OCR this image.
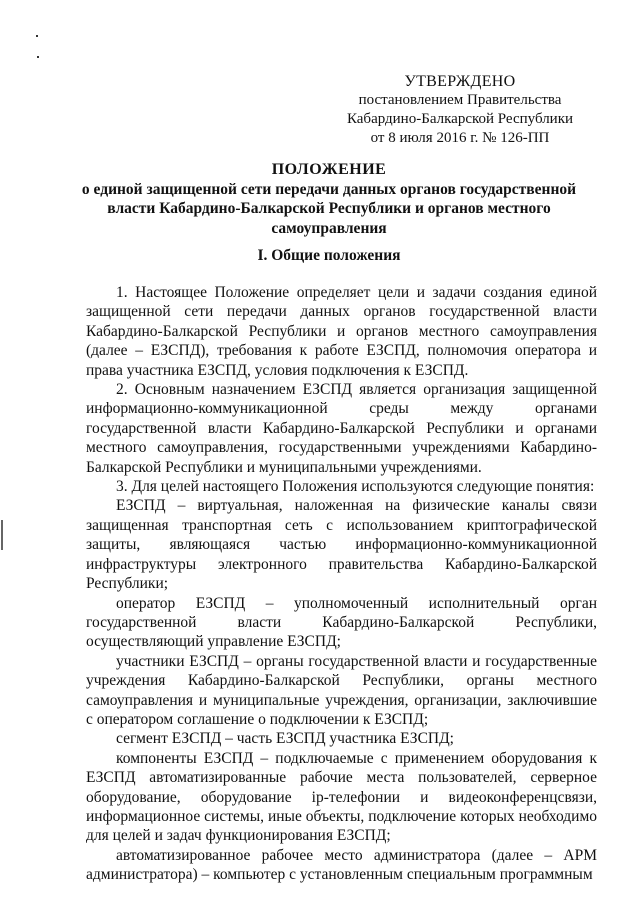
УТВЕРЖДЕНО
постановлением Правительства
Кабардино-Балкарской Республики
от 8 июля 2016 г. № 126-ПП
ПОЛОЖЕНИЕ
о единой защищенной сети передачи данных органов государственной власти Кабардино-Балкарской Республики и органов местного самоуправления
I. Общие положения

1. Настоящее Положение определяет цели и задачи создания единой защищенной сети передачи данных органов государственной власти Кабардино-Балкарской Республики и органов местного самоуправления (далее – ЕЗСПД), требования к работе ЕЗСПД, полномочия оператора и права участника ЕЗСПД, условия подключения к ЕЗСПД.

2. Основным назначением ЕЗСПД является организация защищенной информационно-коммуникационной среды между органами государственной власти Кабардино-Балкарской Республики и органами местного самоуправления, государственными учреждениями Кабардино-Балкарской Республики и муниципальными учреждениями.

3. Для целей настоящего Положения используются следующие понятия:

ЕЗСПД – виртуальная, наложенная на физические каналы связи защищенная транспортная сеть с использованием криптографической защиты, являющаяся частью информационно-коммуникационной инфраструктуры электронного правительства Кабардино-Балкарской Республики;

оператор ЕЗСПД – уполномоченный исполнительный орган государственной власти Кабардино-Балкарской Республики, осуществляющий управление ЕЗСПД;

участники ЕЗСПД – органы государственной власти и государственные учреждения Кабардино-Балкарской Республики, органы местного самоуправления и муниципальные учреждения, организации, заключившие с оператором соглашение о подключении к ЕЗСПД;

сегмент ЕЗСПД – часть ЕЗСПД участника ЕЗСПД;

компоненты ЕЗСПД – подключаемые с применением оборудования к ЕЗСПД автоматизированные рабочие места пользователей, серверное оборудование, оборудование ip-телефонии и видеоконференцсвязи, информационное системы, иные объекты, подключение которых необходимо для целей и задач функционирования ЕЗСПД;

автоматизированное рабочее место администратора (далее – АРМ администратора) – компьютер с установленным специальным программным
